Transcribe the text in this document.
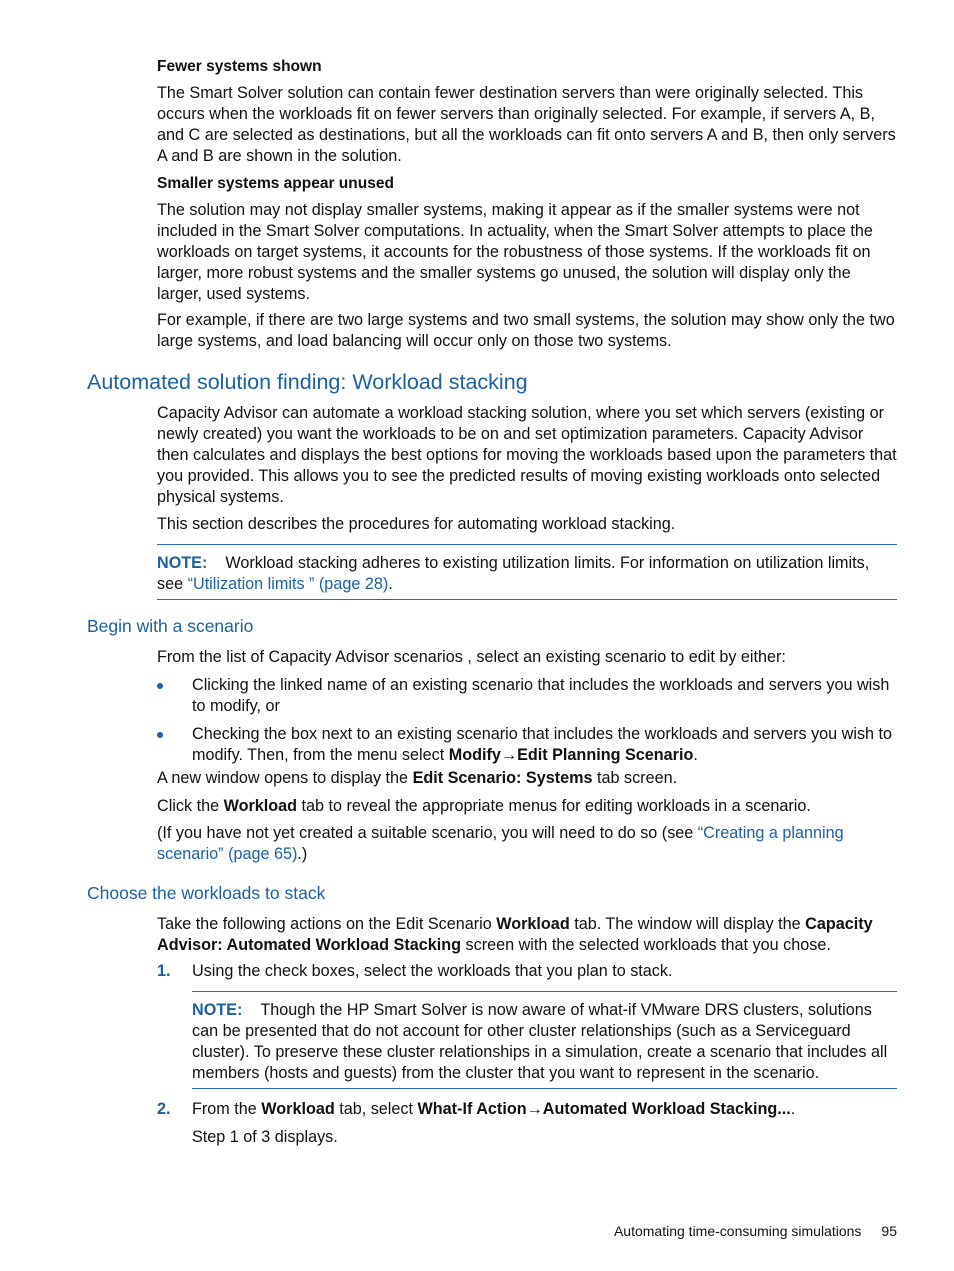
Fewer systems shown

The Smart Solver solution can contain fewer destination servers than were originally selected. This occurs when the workloads fit on fewer servers than originally selected. For example, if servers A, B, and C are selected as destinations, but all the workloads can fit onto servers A and B, then only servers A and B are shown in the solution.

Smaller systems appear unused

The solution may not display smaller systems, making it appear as if the smaller systems were not included in the Smart Solver computations. In actuality, when the Smart Solver attempts to place the workloads on target systems, it accounts for the robustness of those systems. If the workloads fit on larger, more robust systems and the smaller systems go unused, the solution will display only the larger, used systems.

For example, if there are two large systems and two small systems, the solution may show only the two large systems, and load balancing will occur only on those two systems.

Automated solution finding: Workload stacking

Capacity Advisor can automate a workload stacking solution, where you set which servers (existing or newly created) you want the workloads to be on and set optimization parameters. Capacity Advisor then calculates and displays the best options for moving the workloads based upon the parameters that you provided. This allows you to see the predicted results of moving existing workloads onto selected physical systems.

This section describes the procedures for automating workload stacking.

NOTE: Workload stacking adheres to existing utilization limits. For information on utilization limits, see “Utilization limits ” (page 28).
Begin with a scenario

From the list of Capacity Advisor scenarios , select an existing scenario to edit by either:

Clicking the linked name of an existing scenario that includes the workloads and servers you wish to modify, or
Checking the box next to an existing scenario that includes the workloads and servers you wish to modify. Then, from the menu select Modify→Edit Planning Scenario.

A new window opens to display the Edit Scenario: Systems tab screen.

Click the Workload tab to reveal the appropriate menus for editing workloads in a scenario.

(If you have not yet created a suitable scenario, you will need to do so (see “Creating a planning scenario” (page 65).)

Choose the workloads to stack

Take the following actions on the Edit Scenario Workload tab. The window will display the Capacity Advisor: Automated Workload Stacking screen with the selected workloads that you chose.

1. Using the check boxes, select the workloads that you plan to stack.
NOTE: Though the HP Smart Solver is now aware of what-if VMware DRS clusters, solutions can be presented that do not account for other cluster relationships (such as a Serviceguard cluster). To preserve these cluster relationships in a simulation, create a scenario that includes all members (hosts and guests) from the cluster that you want to represent in the scenario.
2. From the Workload tab, select What-If Action→Automated Workload Stacking....

Step 1 of 3 displays.

Automating time-consuming simulations 95
